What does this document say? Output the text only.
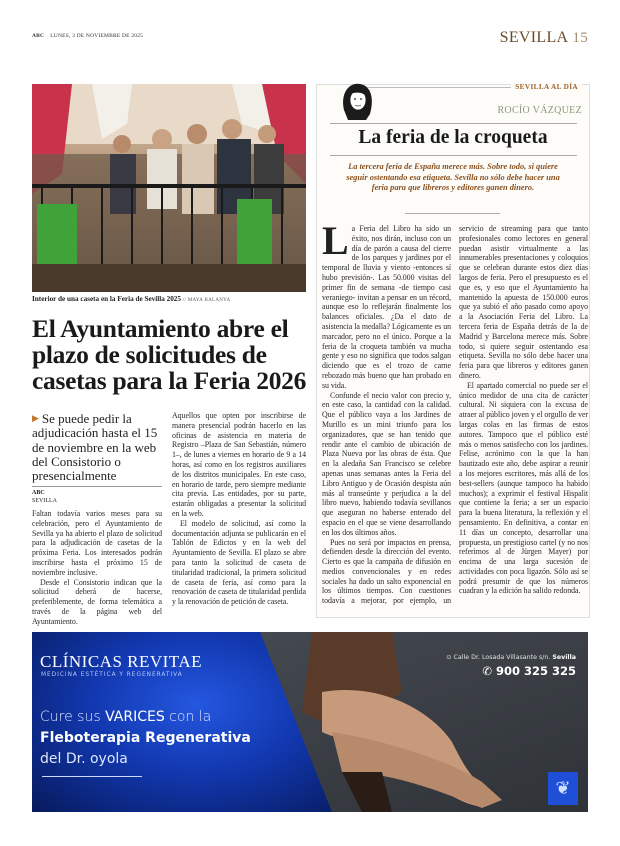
ABC LUNES, 3 DE NOVIEMBRE DE 2025	SEVILLA 15
Interior de una caseta en la Feria de Sevilla 2025 // MAYA BALANYA
El Ayuntamiento abre el plazo de solicitudes de casetas para la Feria 2026
▶ Se puede pedir la adjudicación hasta el 15 de noviembre en la web del Consistorio o presencialmente
ABC
SEVILLA

Faltan todavía varios meses para su celebración, pero el Ayuntamiento de Sevilla ya ha abierto el plazo de solicitud para la adjudicación de casetas de la próxima Feria. Los interesados podrán inscribirse hasta el próximo 15 de noviembre inclusive.

Desde el Consistorio indican que la solicitud deberá de hacerse, preferiblemente, de forma telemática a través de la página web del Ayuntamiento.

Aquellos que opten por inscribirse de manera presencial podrán hacerlo en las oficinas de asistencia en materia de Registro –Plaza de San Sebastián, número 1–, de lunes a viernes en horario de 9 a 14 horas, así como en los registros auxiliares de los distritos municipales. En este caso, en horario de tarde, pero siempre mediante cita previa. Las entidades, por su parte, estarán obligadas a presentar la solicitud en la web.

El modelo de solicitud, así como la documentación adjunta se publicarán en el Tablón de Edictos y en la web del Ayuntamiento de Sevilla. El plazo se abre para tanto la solicitud de caseta de titularidad tradicional, la primera solicitud de caseta de feria, así como para la renovación de caseta de titularidad perdida y la renovación de petición de caseta.

SEVILLA AL DÍA
ROCÍO VÁZQUEZ
La feria de la croqueta
La tercera feria de España merece más. Sobre todo, si quiere seguir ostentando esa etiqueta. Sevilla no sólo debe hacer una feria para que libreros y editores ganen dinero.

La Feria del Libro ha sido un éxito, nos dirán, incluso con un día de parón a causa del cierre de los parques y jardines por el temporal de lluvia y viento -entonces sí hubo previsión-. Las 50.000 visitas del primer fin de semana -de tiempo casi veraniego- invitan a pensar en un récord, aunque eso lo reflejarán finalmente los balances oficiales. ¿Da el dato de asistencia la medalla? Lógicamente es un marcador, pero no el único. Porque a la feria de la croqueta también va mucha gente y eso no significa que todos salgan diciendo que es el trozo de carne rebozado más bueno que han probado en su vida.

Confunde el necio valor con precio y, en este caso, la cantidad con la calidad. Que el público vaya a los Jardines de Murillo es un mini triunfo para los organizadores, que se han tenido que rendir ante el cambio de ubicación de Plaza Nueva por las obras de ésta. Que en la aledaña San Francisco se celebre apenas unas semanas antes la Feria del Libro Antiguo y de Ocasión despista aún más al transeúnte y perjudica a la del libro nuevo, habiendo todavía sevillanos que aseguran no haberse enterado del espacio en el que se viene desarrollando en los dos últimos años.

Pues no será por impactos en prensa, defienden desde la dirección del evento. Cierto es que la campaña de difusión en medios convencionales y en redes sociales ha dado un salto exponencial en los últimos tiempos. Con cuestiones todavía a mejorar, por ejemplo, un servicio de streaming para que tanto profesionales como lectores en general puedan asistir virtualmente a las innumerables presentaciones y coloquios que se celebran durante estos diez días largos de feria. Pero el presupuesto es el que es, y eso que el Ayuntamiento ha mantenido la apuesta de 150.000 euros que ya subió el año pasado como apoyo a la Asociación Feria del Libro. La tercera feria de España detrás de la de Madrid y Barcelona merece más. Sobre todo, si quiere seguir ostentando esa etiqueta. Sevilla no sólo debe hacer una feria para que libreros y editores ganen dinero.

El apartado comercial no puede ser el único medidor de una cita de carácter cultural. Ni siquiera con la excusa de atraer al público joven y el orgullo de ver largas colas en las firmas de estos autores. Tampoco que el público esté más o menos satisfecho con los jardines. Felise, acrónimo con la que la han bautizado este año, debe aspirar a reunir a los mejores escritores, más allá de los best-sellers (aunque tampoco ha habido muchos); a exprimir el festival Hispalit que contiene la feria; a ser un espacio para la buena literatura, la reflexión y el pensamiento. En definitiva, a contar en 11 días un concepto, desarrollar una propuesta, un prestigioso cartel (y no nos referimos al de Jürgen Mayer) por encima de una larga sucesión de actividades con poca ligazón. Sólo así se podrá presumir de que los números cuadran y la edición ha salido redonda.

CLÍNICAS REVITAE
MEDICINA ESTÉTICA Y REGENERATIVA
Cure sus VARICES con la
Fleboterapia Regenerativa
del Dr. oyola
⊙ Calle Dr. Losada Villasante s/n. Sevilla
✆ 900 325 325
❦
